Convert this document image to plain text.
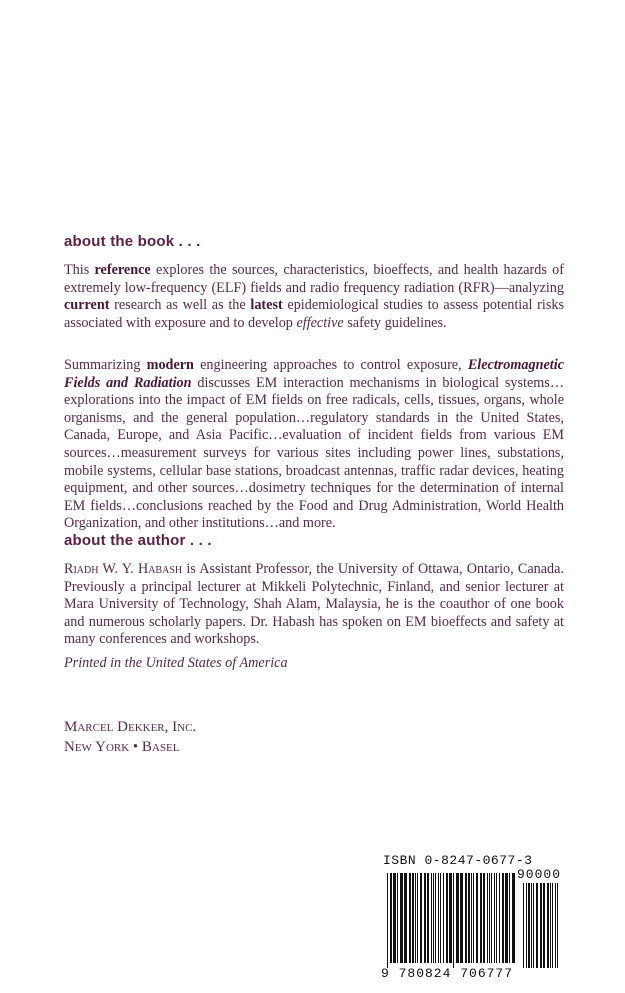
about the book . . .

This reference explores the sources, characteristics, bioeffects, and health hazards of extremely low-frequency (ELF) fields and radio frequency radiation (RFR)—analyzing current research as well as the latest epidemiological studies to assess potential risks associated with exposure and to develop effective safety guidelines.

Summarizing modern engineering approaches to control exposure, Electromagnetic Fields and Radiation discusses EM interaction mechanisms in biological systems…explorations into the impact of EM fields on free radicals, cells, tissues, organs, whole organisms, and the general population…regulatory standards in the United States, Canada, Europe, and Asia Pacific…evaluation of incident fields from various EM sources…measurement surveys for various sites including power lines, substations, mobile systems, cellular base stations, broadcast antennas, traffic radar devices, heating equipment, and other sources…dosimetry techniques for the determination of internal EM fields…conclusions reached by the Food and Drug Administration, World Health Organization, and other institutions…and more.

about the author . . .

Riadh W. Y. Habash is Assistant Professor, the University of Ottawa, Ontario, Canada. Previously a principal lecturer at Mikkeli Polytechnic, Finland, and senior lecturer at Mara University of Technology, Shah Alam, Malaysia, he is the coauthor of one book and numerous scholarly papers. Dr. Habash has spoken on EM bioeffects and safety at many conferences and workshops.

Printed in the United States of America
Marcel Dekker, Inc.
New York • Basel
ISBN 0-8247-0677-3
90000
9 780824 706777
